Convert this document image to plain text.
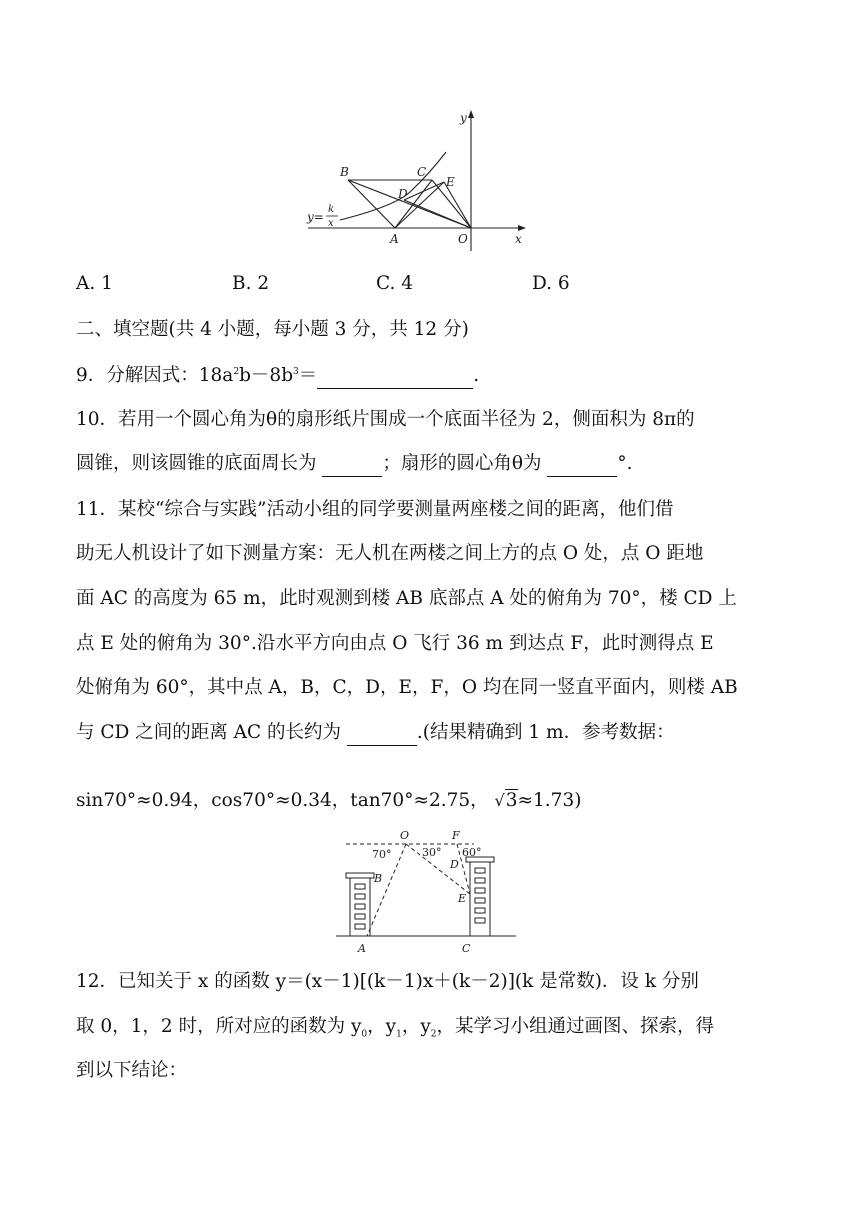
y
x
B	C
E
D
A	O
y=
k
x
A. 1	B. 2	C. 4	D. 6
二、填空题(共 4 小题，每小题 3 分，共 12 分)
9．分解因式：$18a^2b-8b^3=$	.
10．若用一个圆心角为θ的扇形纸片围成一个底面半径为 2，侧面积为 8π的
圆锥，则该圆锥的底面周长为	；扇形的圆心角θ为	°.
11．某校“综合与实践”活动小组的同学要测量两座楼之间的距离，他们借
助无人机设计了如下测量方案：无人机在两楼之间上方的点 O 处，点 O 距地
面 AC 的高度为 65 m，此时观测到楼 AB 底部点 A 处的俯角为 70°，楼 CD 上
点 E 处的俯角为 30°.沿水平方向由点 O 飞行 36 m 到达点 F，此时测得点 E
处俯角为 60°，其中点 A，B，C，D，E，F，O 均在同一竖直平面内，则楼 AB
与 CD 之间的距离 AC 的长约为	.(结果精确到 1 m．参考数据：
sin70°≈0.94，cos70°≈0.34，tan70°≈2.75， √3≈1.73)
O	F
70°	30° 60°
B
D
E
A	C
12．已知关于 x 的函数 y＝(x－1)[(k－1)x＋(k－2)](k 是常数)．设 k 分别
取 0，1，2 时，所对应的函数为 $y_0$，$y_1$，$y_2$，某学习小组通过画图、探索，得
到以下结论：
